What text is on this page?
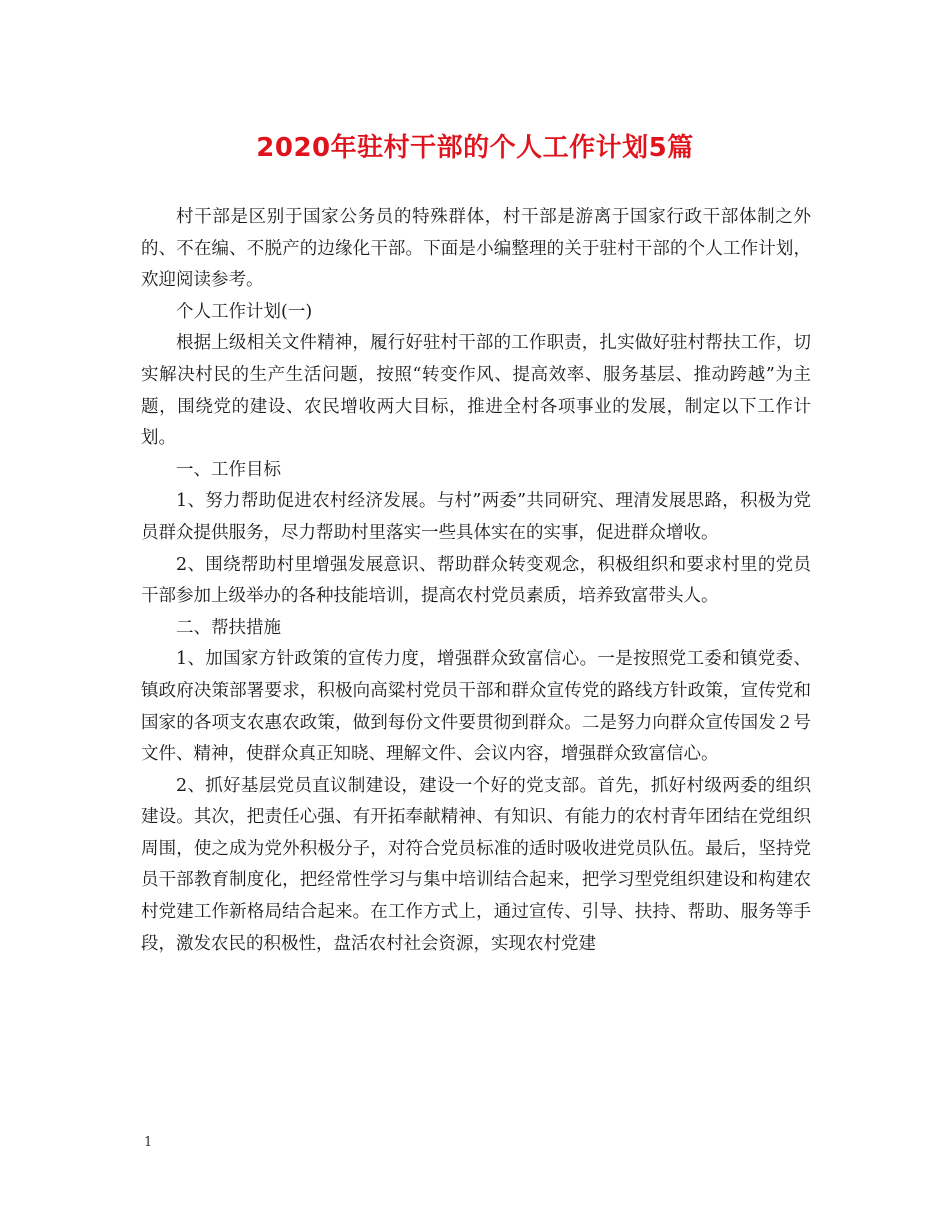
2020年驻村干部的个人工作计划5篇

村干部是区别于国家公务员的特殊群体，村干部是游离于国家行政干部体制之外的、不在编、不脱产的边缘化干部。下面是小编整理的关于驻村干部的个人工作计划，欢迎阅读参考。

个人工作计划(一)

根据上级相关文件精神，履行好驻村干部的工作职责，扎实做好驻村帮扶工作，切实解决村民的生产生活问题，按照“转变作风、提高效率、服务基层、推动跨越”为主题，围绕党的建设、农民增收两大目标，推进全村各项事业的发展，制定以下工作计划。

一、工作目标

1、努力帮助促进农村经济发展。与村”两委”共同研究、理清发展思路，积极为党员群众提供服务，尽力帮助村里落实一些具体实在的实事，促进群众增收。

2、围绕帮助村里增强发展意识、帮助群众转变观念，积极组织和要求村里的党员干部参加上级举办的各种技能培训，提高农村党员素质，培养致富带头人。

二、帮扶措施

1、加国家方针政策的宣传力度，增强群众致富信心。一是按照党工委和镇党委、镇政府决策部署要求，积极向高粱村党员干部和群众宣传党的路线方针政策，宣传党和国家的各项支农惠农政策，做到每份文件要贯彻到群众。二是努力向群众宣传国发２号文件、精神，使群众真正知晓、理解文件、会议内容，增强群众致富信心。

2、抓好基层党员直议制建设，建设一个好的党支部。首先，抓好村级两委的组织建设。其次，把责任心强、有开拓奉献精神、有知识、有能力的农村青年团结在党组织周围，使之成为党外积极分子，对符合党员标准的适时吸收进党员队伍。最后，坚持党员干部教育制度化，把经常性学习与集中培训结合起来，把学习型党组织建设和构建农村党建工作新格局结合起来。在工作方式上，通过宣传、引导、扶持、帮助、服务等手段，激发农民的积极性，盘活农村社会资源，实现农村党建

1
